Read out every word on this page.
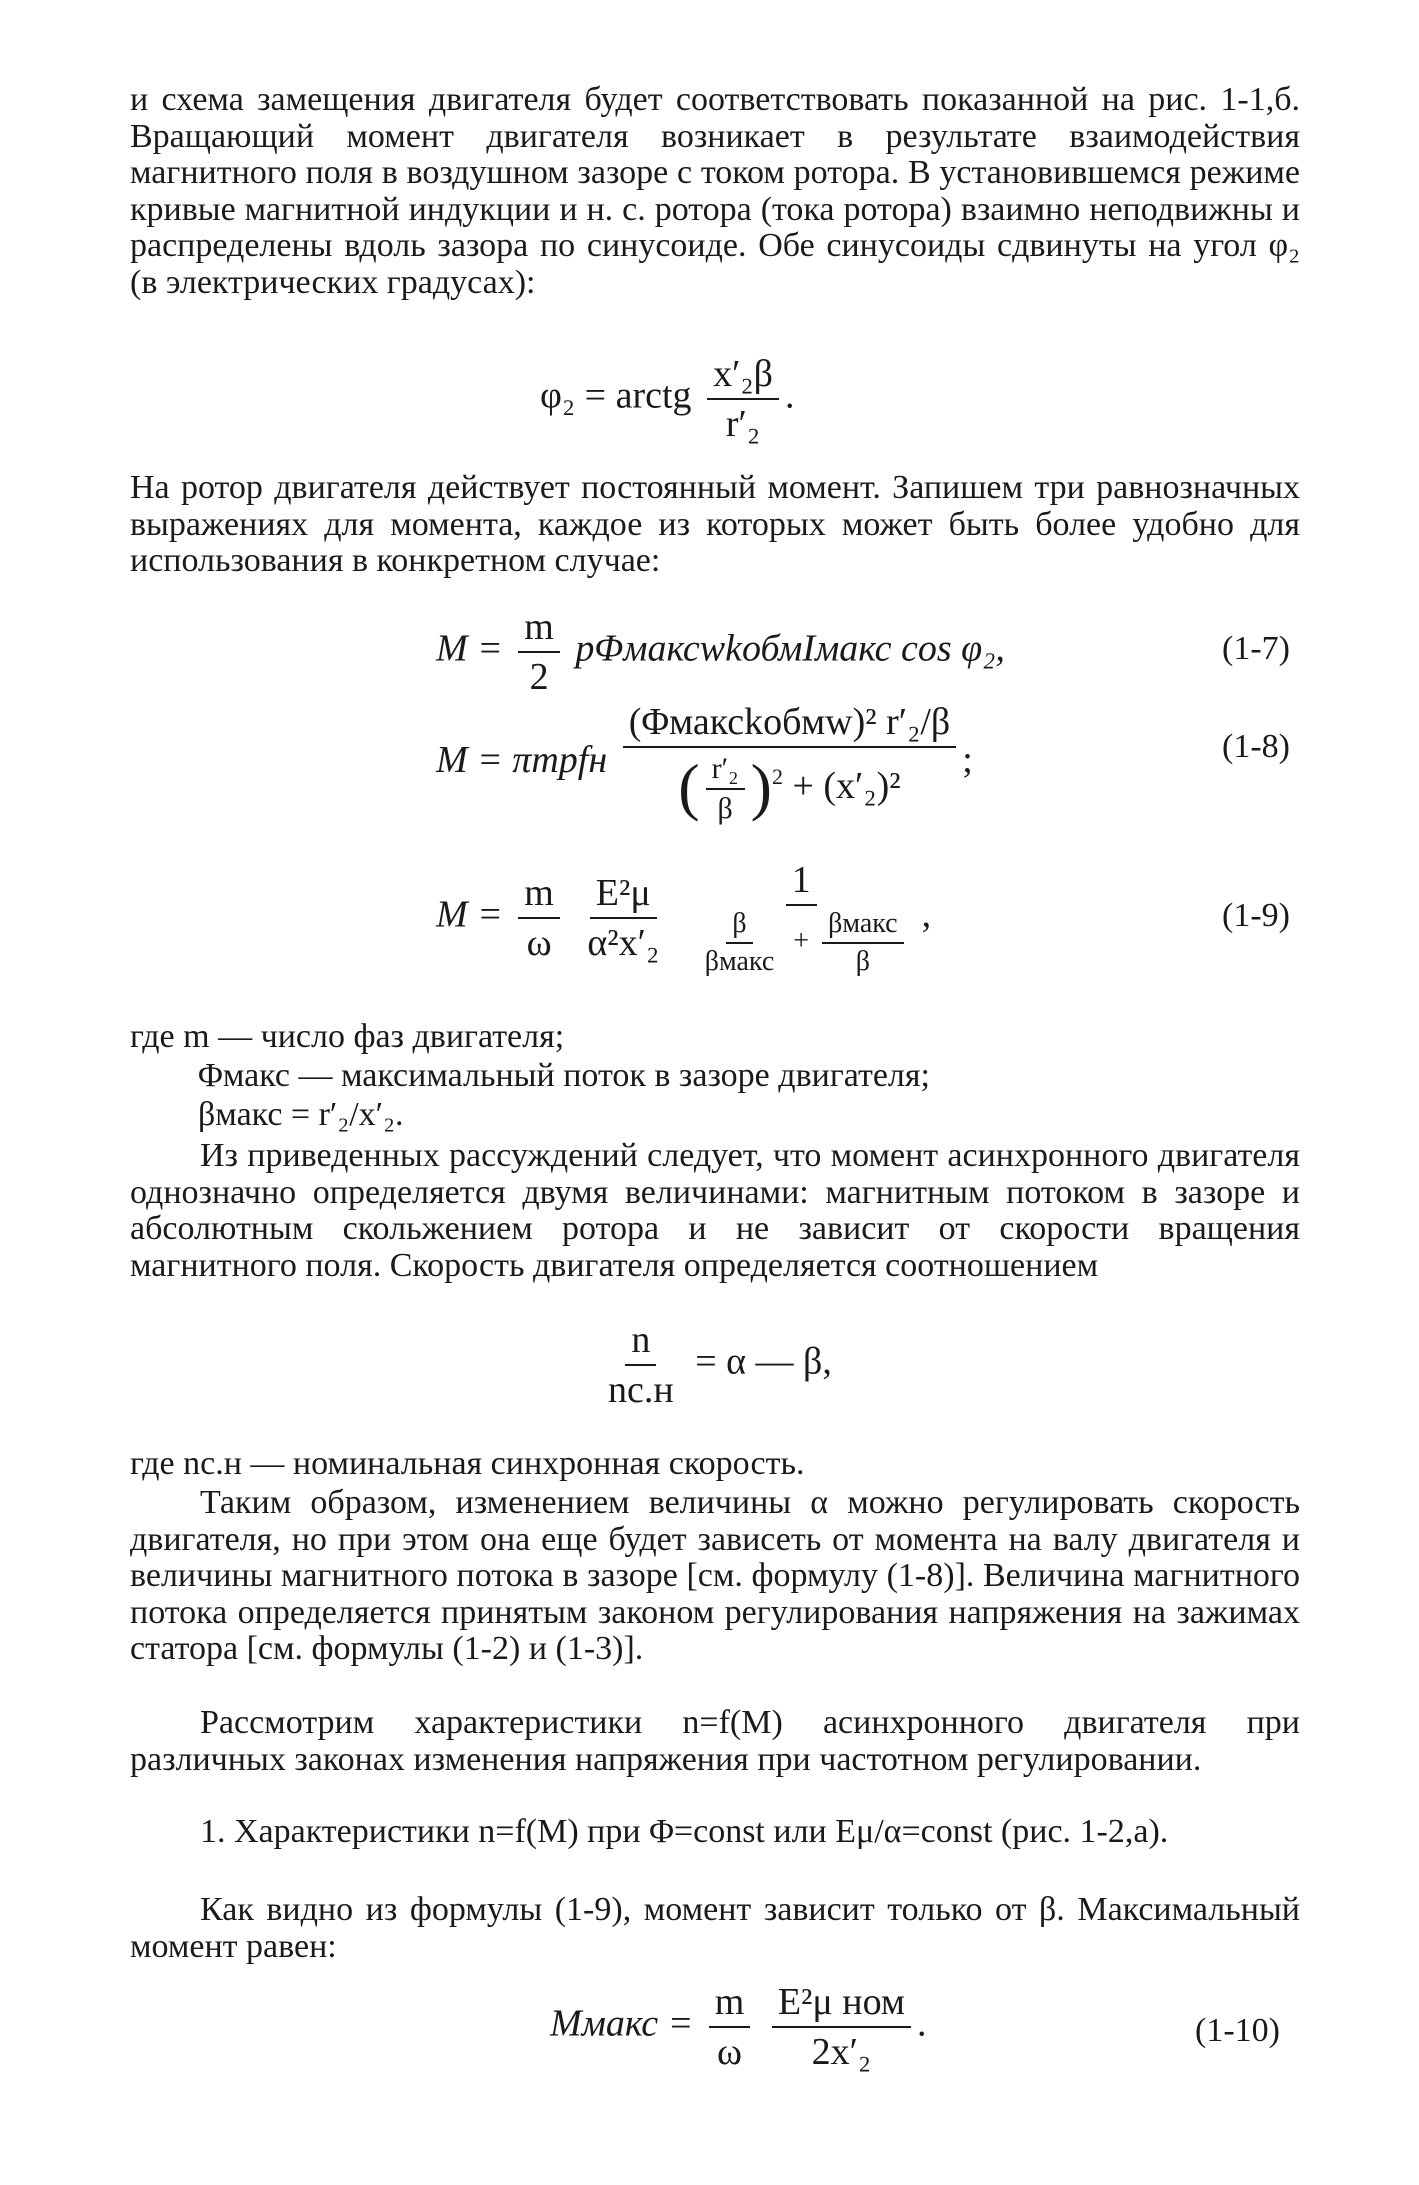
и схема замещения двигателя будет соответствовать показанной на рис. 1-1,б. Вращающий момент двигателя возникает в результате взаимодействия магнитного поля в воздушном зазоре с током ротора. В установившемся режиме кривые магнитной индукции и н. с. ротора (тока ротора) взаимно неподвижны и распределены вдоль зазора по синусоиде. Обе синусоиды сдвинуты на угол φ₂ (в электрических градусах):

φ₂ = arctg $\frac{\text{x′₂β}}{\text{r′₂}}$ .

На ротор двигателя действует постоянный момент. Запишем три равнозначных выражениях для момента, каждое из которых может быть более удобно для использования в конкретном случае:

$M = \frac{m}{2}$ pΦмаксwkобмIмакс cos φ₂,	(1-7)
M = πmpfн $\frac{\text{(Φмаксkобмw)² r′₂/β}}{( \frac{\text{r′₂}}{\beta} )^2 + (x'_2)^2}$ ;	(1-8)
$M = \frac{m}{\omega}$
$\frac{\text{E²μ}}{\text{α²x′₂}}$
$\frac{1}{\frac{\beta}{\text{βмакс}} + \frac{\text{βмакс}}{\beta}}$ ,	(1-9)

где m — число фаз двигателя;

Φмакс — максимальный поток в зазоре двигателя;

βмакс = r′₂/x′₂.

Из приведенных рассуждений следует, что момент асинхронного двигателя однозначно определяется двумя величинами: магнитным потоком в зазоре и абсолютным скольжением ротора и не зависит от скорости вращения магнитного поля. Скорость двигателя определяется соотношением

$\frac{n}{nс.н} = \alpha$ — β,

где nс.н — номинальная синхронная скорость.

Таким образом, изменением величины α можно регулировать скорость двигателя, но при этом она еще будет зависеть от момента на валу двигателя и величины магнитного потока в зазоре [см. формулу (1-8)]. Величина магнитного потока определяется принятым законом регулирования напряжения на зажимах статора [см. формулы (1-2) и (1-3)].

Рассмотрим характеристики n=f(M) асинхронного двигателя при различных законах изменения напряжения при частотном регулировании.

1. Характеристики n=f(M) при Φ=const или Eμ/α=const (рис. 1-2,а).

Как видно из формулы (1-9), момент зависит только от β. Максимальный момент равен:

Mмакс = $\frac{m}{\omega}$
$\frac{\text{E²μ ном}}{\text{2x′₂}}$ .	(1-10)
